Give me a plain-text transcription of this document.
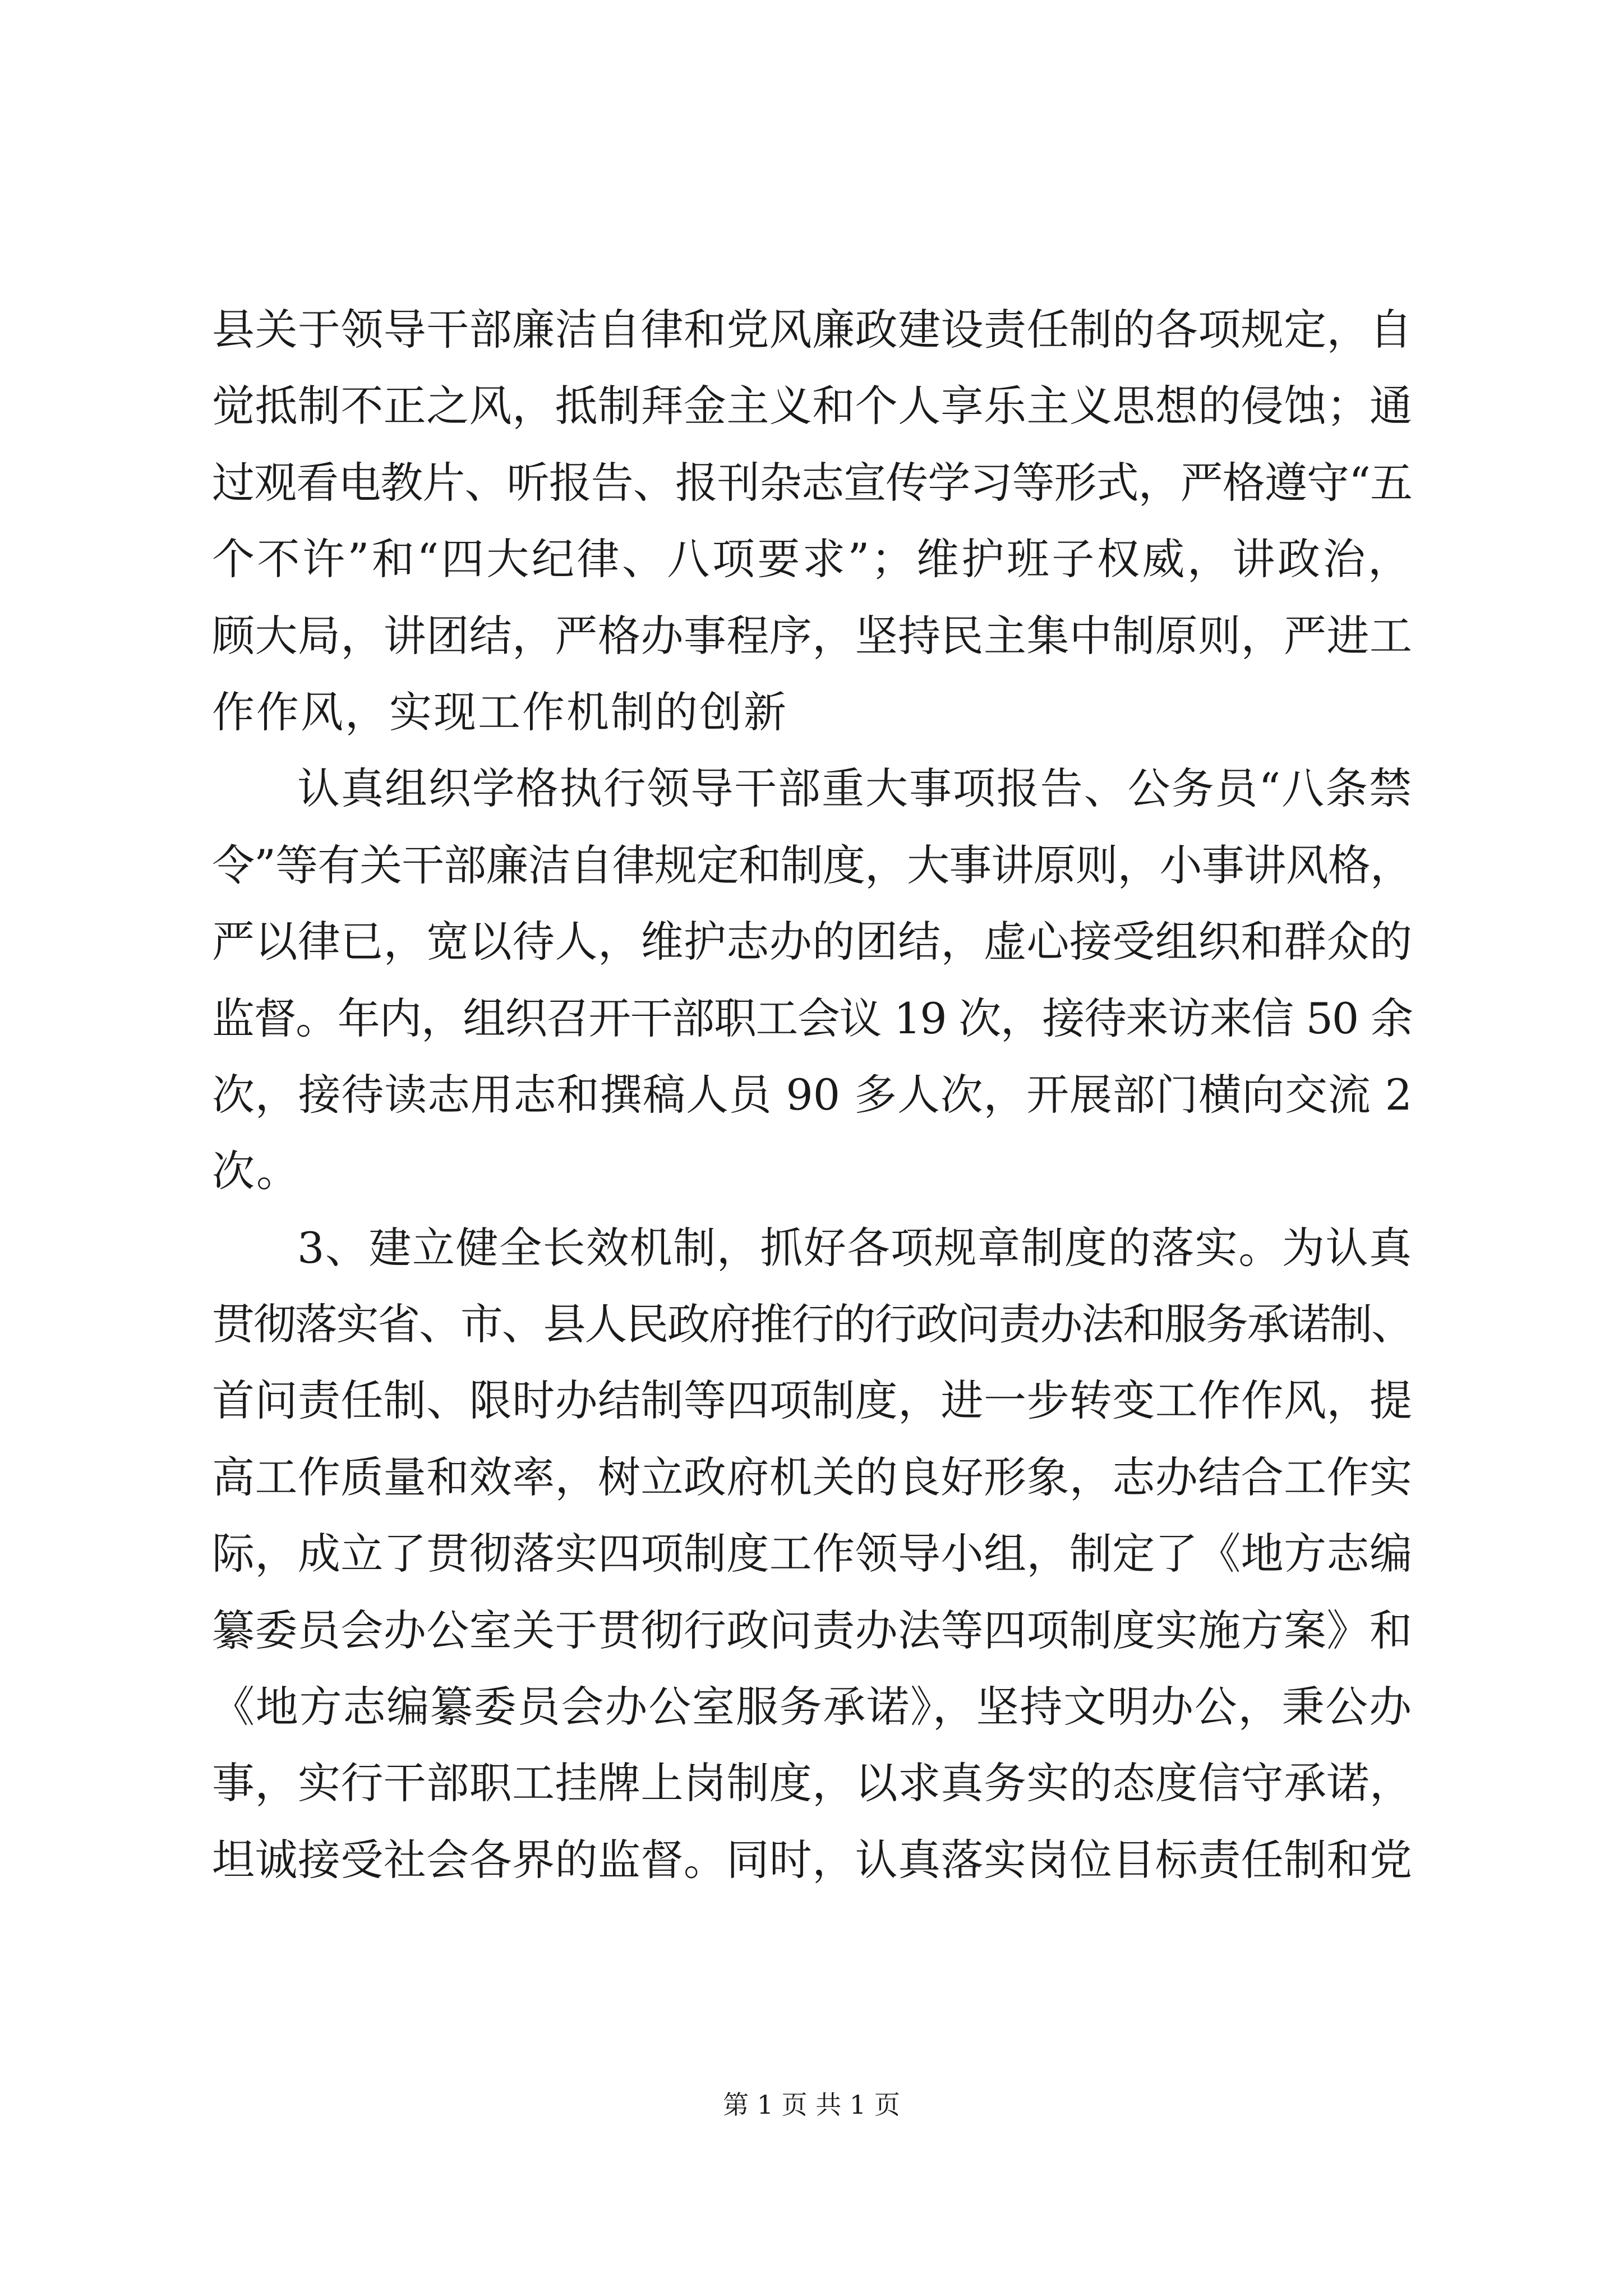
县关于领导干部廉洁自律和党风廉政建设责任制的各项规定，自
觉抵制不正之风，抵制拜金主义和个人享乐主义思想的侵蚀；通
过观看电教片、听报告、报刊杂志宣传学习等形式，严格遵守“五
个不许”和“四大纪律、八项要求”；维护班子权威，讲政治，
顾大局，讲团结，严格办事程序，坚持民主集中制原则，严进工
作作风，实现工作机制的创新
认真组织学格执行领导干部重大事项报告、公务员“八条禁
令”等有关干部廉洁自律规定和制度，大事讲原则，小事讲风格，
严以律已，宽以待人，维护志办的团结，虚心接受组织和群众的
监督。年内，组织召开干部职工会议 19 次，接待来访来信 50 余
次，接待读志用志和撰稿人员 90 多人次，开展部门横向交流 2
次。
3、建立健全长效机制，抓好各项规章制度的落实。为认真
贯彻落实省、市、县人民政府推行的行政问责办法和服务承诺制、
首问责任制、限时办结制等四项制度，进一步转变工作作风，提
高工作质量和效率，树立政府机关的良好形象，志办结合工作实
际，成立了贯彻落实四项制度工作领导小组，制定了《地方志编
纂委员会办公室关于贯彻行政问责办法等四项制度实施方案》和
《地方志编纂委员会办公室服务承诺》，坚持文明办公，秉公办
事，实行干部职工挂牌上岗制度，以求真务实的态度信守承诺，
坦诚接受社会各界的监督。同时，认真落实岗位目标责任制和党
第 1 页 共 1 页
